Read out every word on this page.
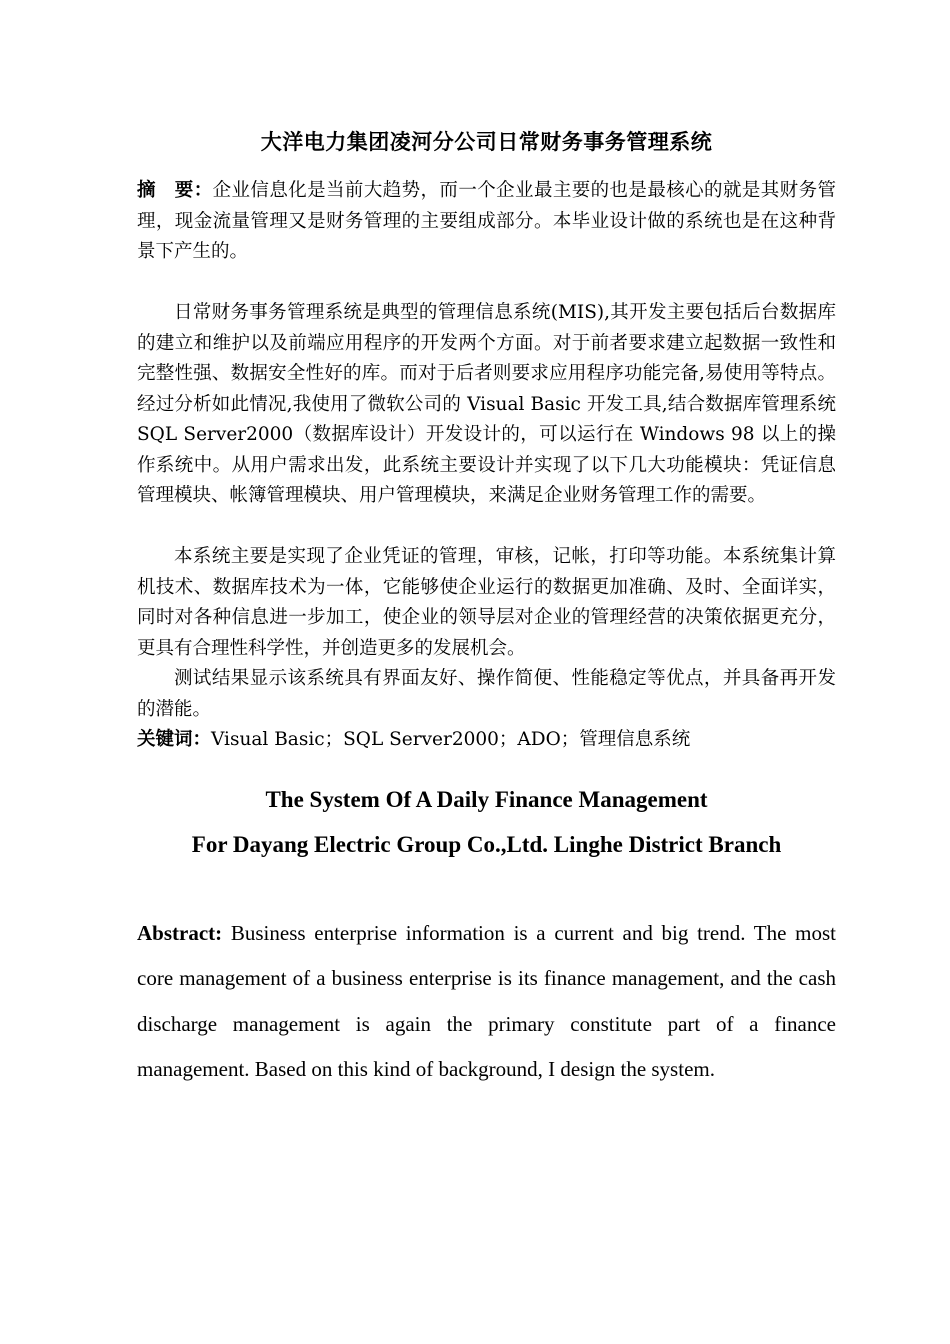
大洋电力集团凌河分公司日常财务事务管理系统

摘　要：企业信息化是当前大趋势，而一个企业最主要的也是最核心的就是其财务管理，现金流量管理又是财务管理的主要组成部分。本毕业设计做的系统也是在这种背景下产生的。

日常财务事务管理系统是典型的管理信息系统(MIS),其开发主要包括后台数据库的建立和维护以及前端应用程序的开发两个方面。对于前者要求建立起数据一致性和完整性强、数据安全性好的库。而对于后者则要求应用程序功能完备,易使用等特点。经过分析如此情况,我使用了微软公司的 Visual Basic 开发工具,结合数据库管理系统 SQL Server2000（数据库设计）开发设计的，可以运行在 Windows 98 以上的操作系统中。从用户需求出发，此系统主要设计并实现了以下几大功能模块：凭证信息管理模块、帐簿管理模块、用户管理模块，来满足企业财务管理工作的需要。

本系统主要是实现了企业凭证的管理，审核，记帐，打印等功能。本系统集计算机技术、数据库技术为一体，它能够使企业运行的数据更加准确、及时、全面详实，同时对各种信息进一步加工，使企业的领导层对企业的管理经营的决策依据更充分，更具有合理性科学性，并创造更多的发展机会。

测试结果显示该系统具有界面友好、操作简便、性能稳定等优点，并具备再开发的潜能。

关键词：Visual Basic；SQL Server2000；ADO；管理信息系统

The System Of A Daily Finance Management
For Dayang Electric Group Co.,Ltd. Linghe District Branch

Abstract: Business enterprise information is a current and big trend. The most core management of a business enterprise is its finance management, and the cash discharge management is again the primary constitute part of a finance management. Based on this kind of background, I design the system.
